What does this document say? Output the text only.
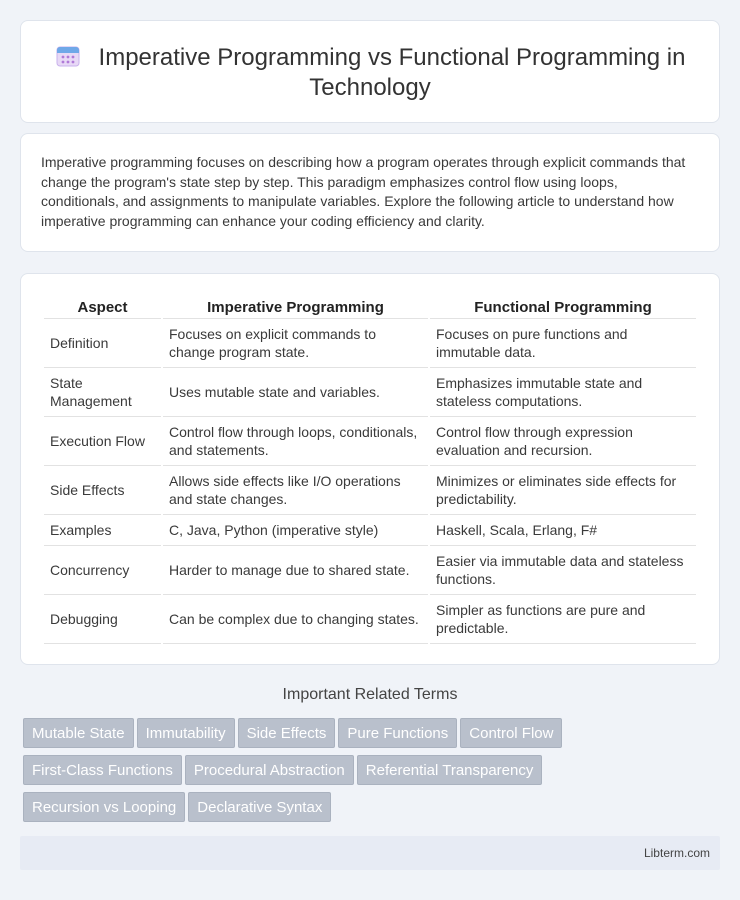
Imperative Programming vs Functional Programming in Technology

Imperative programming focuses on describing how a program operates through explicit commands that change the program's state step by step. This paradigm emphasizes control flow using loops, conditionals, and assignments to manipulate variables. Explore the following article to understand how imperative programming can enhance your coding efficiency and clarity.

Aspect	Imperative Programming	Functional Programming
Definition	Focuses on explicit commands to change program state.	Focuses on pure functions and immutable data.
State Management	Uses mutable state and variables.	Emphasizes immutable state and stateless computations.
Execution Flow	Control flow through loops, conditionals, and statements.	Control flow through expression evaluation and recursion.
Side Effects	Allows side effects like I/O operations and state changes.	Minimizes or eliminates side effects for predictability.
Examples	C, Java, Python (imperative style)	Haskell, Scala, Erlang, F#
Concurrency	Harder to manage due to shared state.	Easier via immutable data and stateless functions.
Debugging	Can be complex due to changing states.	Simpler as functions are pure and predictable.
Important Related Terms
Mutable State Immutability Side Effects Pure Functions Control Flow
First-Class Functions Procedural Abstraction Referential Transparency
Recursion vs Looping Declarative Syntax
Libterm.com
